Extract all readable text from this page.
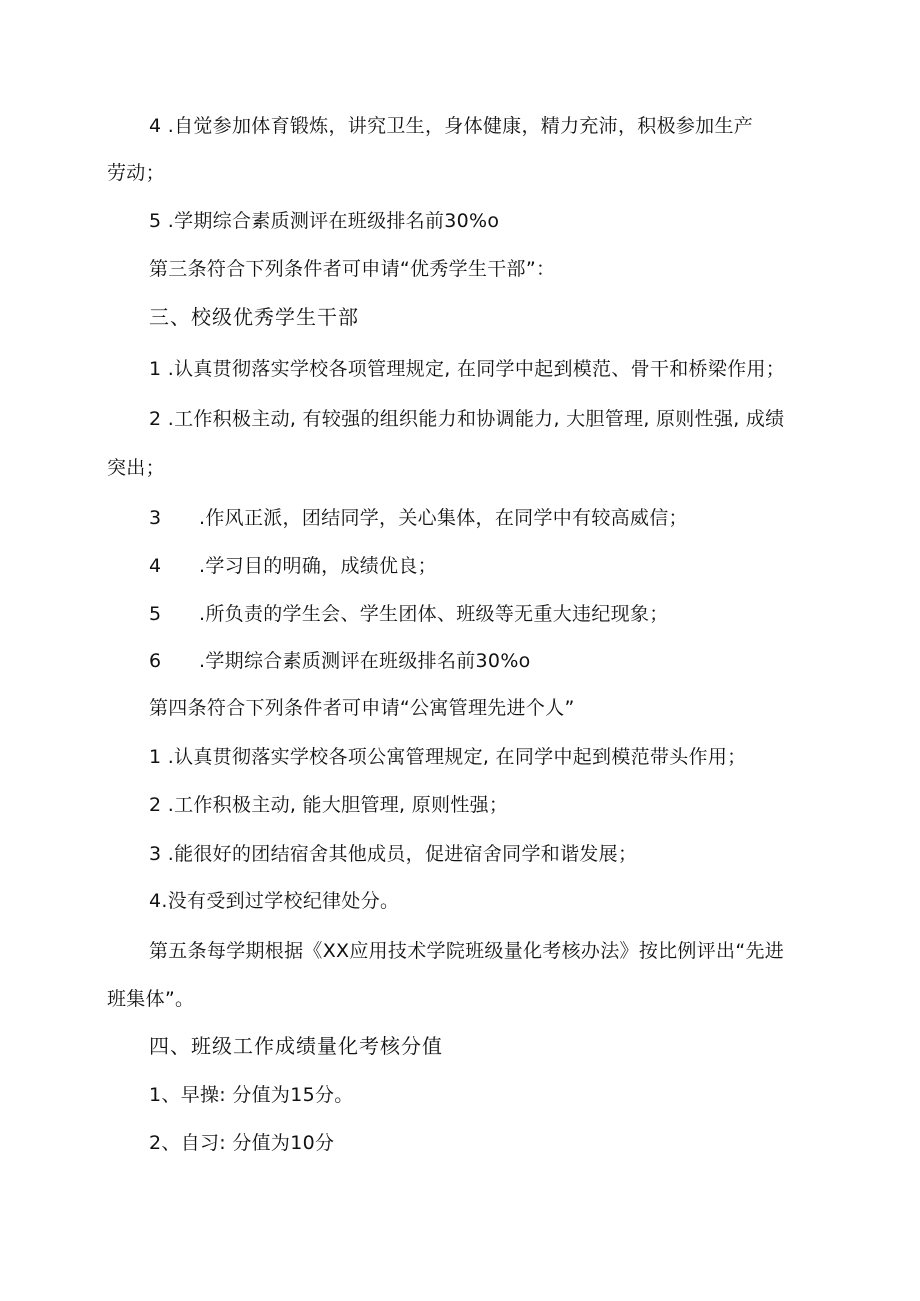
4 .自觉参加体育锻炼，讲究卫生，身体健康，精力充沛，积极参加生产
劳动；
5 .学期综合素质测评在班级排名前30%o
第三条符合下列条件者可申请“优秀学生干部”：
三、校级优秀学生干部
1 .认真贯彻落实学校各项管理规定, 在同学中起到模范、骨干和桥梁作用；
2 .工作积极主动, 有较强的组织能力和协调能力, 大胆管理, 原则性强, 成绩
突出；
3 .作风正派，团结同学，关心集体，在同学中有较高威信；
4 .学习目的明确，成绩优良；
5 .所负责的学生会、学生团体、班级等无重大违纪现象；
6 .学期综合素质测评在班级排名前30%o
第四条符合下列条件者可申请“公寓管理先进个人”
1 .认真贯彻落实学校各项公寓管理规定, 在同学中起到模范带头作用；
2 .工作积极主动, 能大胆管理, 原则性强；
3 .能很好的团结宿舍其他成员，促进宿舍同学和谐发展；
4.没有受到过学校纪律处分。
第五条每学期根据《XX应用技术学院班级量化考核办法》按比例评出“先进
班集体”。
四、班级工作成绩量化考核分值
1、早操: 分值为15分。
2、自习: 分值为10分
